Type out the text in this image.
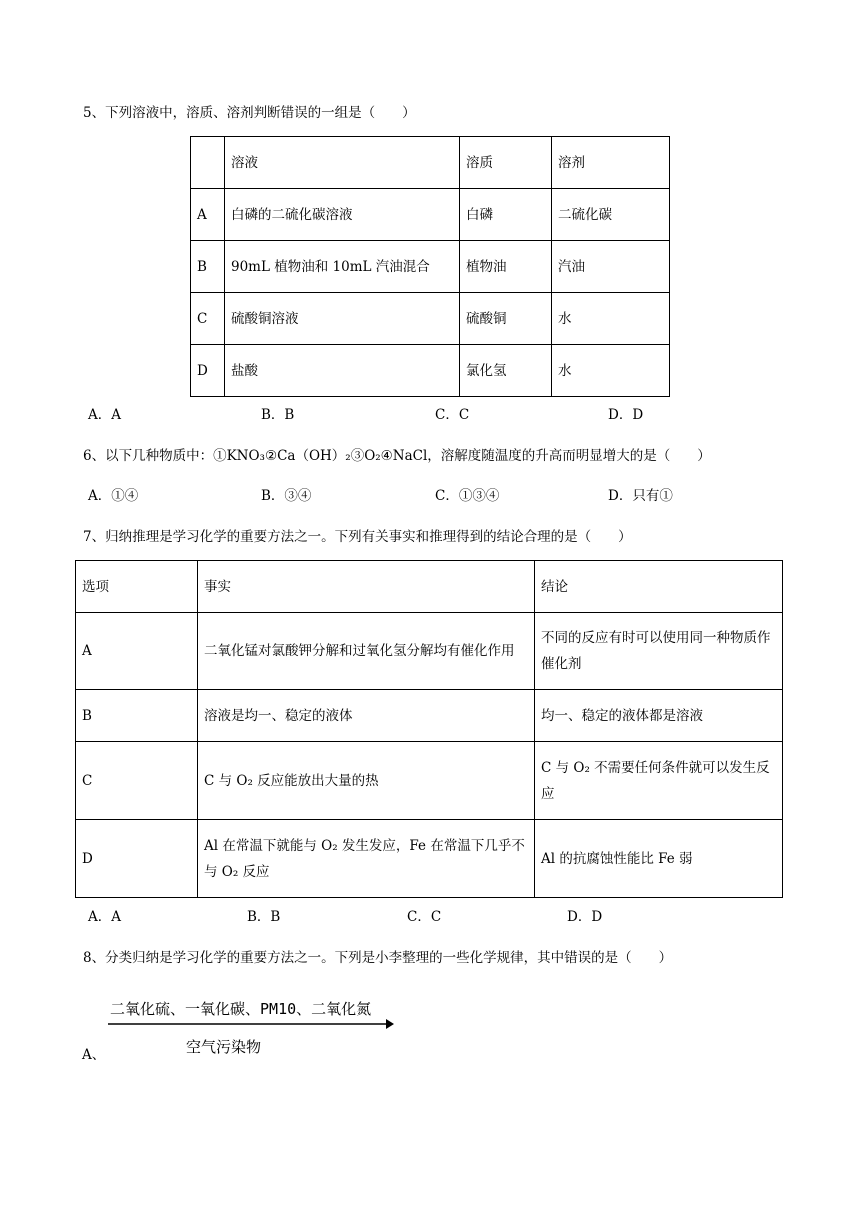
5、下列溶液中，溶质、溶剂判断错误的一组是（　　）
	溶液	溶质	溶剂
A	白磷的二硫化碳溶液	白磷	二硫化碳
B	90mL 植物油和 10mL 汽油混合	植物油	汽油
C	硫酸铜溶液	硫酸铜	水
D	盐酸	氯化氢	水
A．A	B．B	C．C	D．D
6、以下几种物质中：①KNO₃②Ca（OH）₂③O₂④NaCl，溶解度随温度的升高而明显增大的是（　　）
A．①④	B．③④	C．①③④	D．只有①
7、归纳推理是学习化学的重要方法之一。下列有关事实和推理得到的结论合理的是（　　）
选项	事实	结论
A	二氧化锰对氯酸钾分解和过氧化氢分解均有催化作用	不同的反应有时可以使用同一种物质作催化剂
B	溶液是均一、稳定的液体	均一、稳定的液体都是溶液
C	C 与 O₂ 反应能放出大量的热	C 与 O₂ 不需要任何条件就可以发生反应
D	Al 在常温下就能与 O₂ 发生发应，Fe 在常温下几乎不与 O₂ 反应	Al 的抗腐蚀性能比 Fe 弱
A．A	B．B	C．C	D．D
8、分类归纳是学习化学的重要方法之一。下列是小李整理的一些化学规律，其中错误的是（　　）
二氧化硫、一氧化碳、PM10、二氧化氮
空气污染物
A、
